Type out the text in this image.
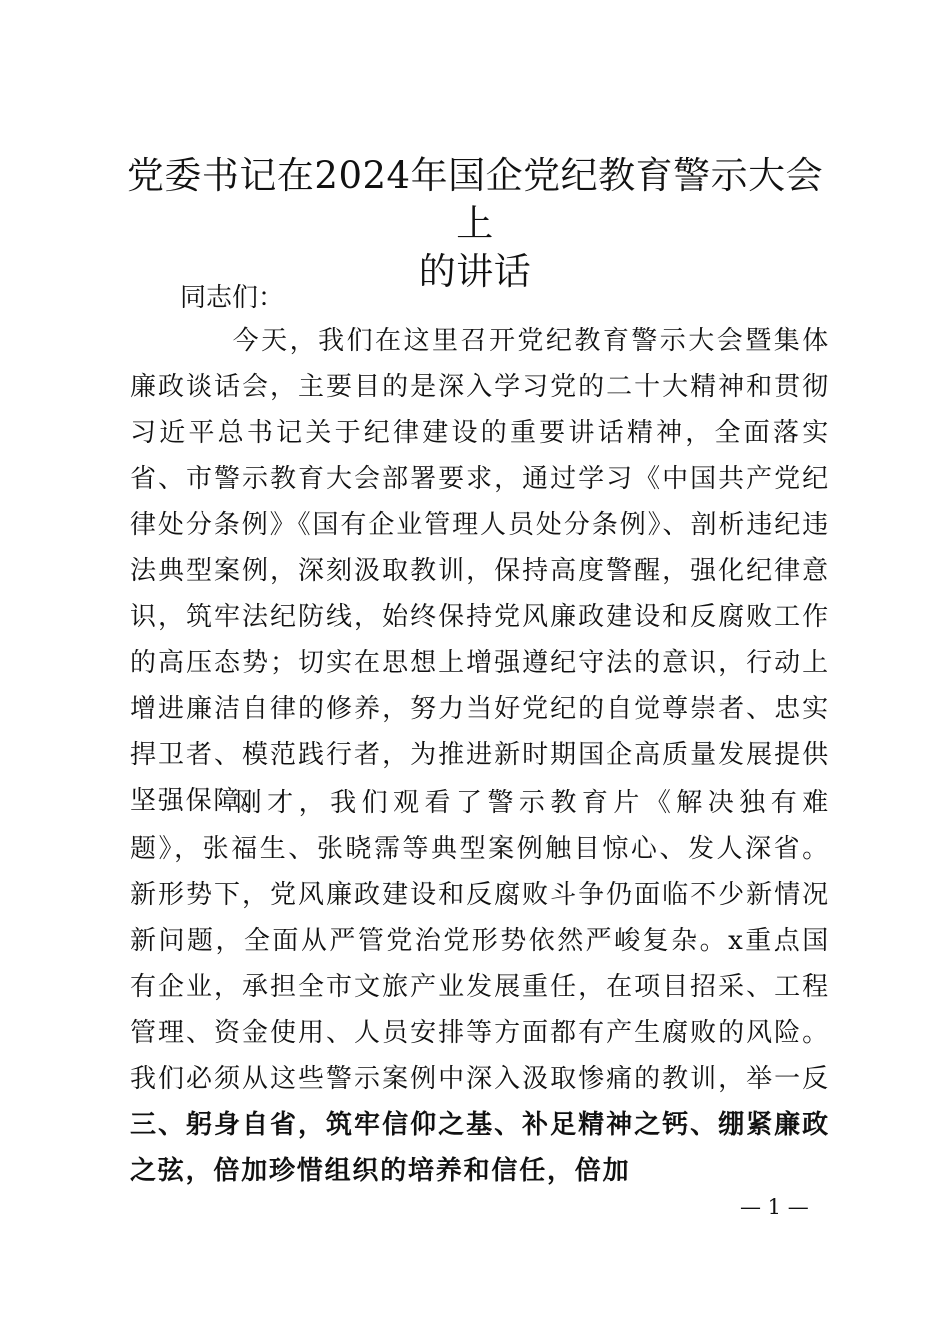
党委书记在2024年国企党纪教育警示大会上
的讲话

同志们：

今天，我们在这里召开党纪教育警示大会暨集体廉政谈话会，主要目的是深入学习党的二十大精神和贯彻习近平总书记关于纪律建设的重要讲话精神，全面落实省、市警示教育大会部署要求，通过学习《中国共产党纪律处分条例》《国有企业管理人员处分条例》、剖析违纪违法典型案例，深刻汲取教训，保持高度警醒，强化纪律意识，筑牢法纪防线，始终保持党风廉政建设和反腐败工作的高压态势；切实在思想上增强遵纪守法的意识，行动上增进廉洁自律的修养，努力当好党纪的自觉尊崇者、忠实捍卫者、模范践行者，为推进新时期国企高质量发展提供坚强保障。

刚才，我们观看了警示教育片《解决独有难题》，张福生、张晓霈等典型案例触目惊心、发人深省。新形势下，党风廉政建设和反腐败斗争仍面临不少新情况新问题，全面从严管党治党形势依然严峻复杂。x重点国有企业，承担全市文旅产业发展重任，在项目招采、工程管理、资金使用、人员安排等方面都有产生腐败的风险。我们必须从这些警示案例中深入汲取惨痛的教训，举一反三、躬身自省，筑牢信仰之基、补足精神之钙、绷紧廉政之弦，倍加珍惜组织的培养和信任，倍加

— 1 —
